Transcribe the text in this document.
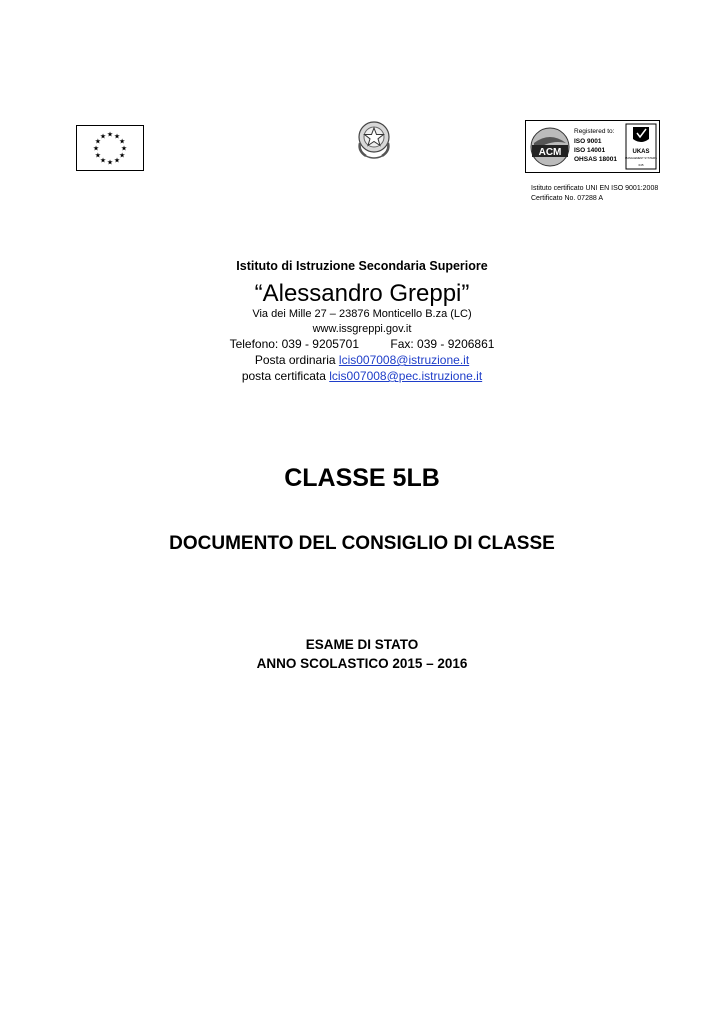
★ ★
★
★
★
★
★
★
★
★
★
★
ACM
Registered to:
ISO 9001
ISO 14001
OHSAS 18001
UKAS
MANAGEMENT SYSTEMS
045
Istituto certificato UNI EN ISO 9001:2008
Certificato No. 07288 A
Istituto di Istruzione Secondaria Superiore
“Alessandro Greppi”
Via dei Mille 27 – 23876 Monticello B.za (LC)
www.issgreppi.gov.it
Telefono: 039 - 9205701	Fax: 039 - 9206861
Posta ordinaria lcis007008@istruzione.it
posta certificata lcis007008@pec.istruzione.it
CLASSE 5LB
DOCUMENTO DEL CONSIGLIO DI CLASSE
ESAME DI STATO
ANNO SCOLASTICO 2015 – 2016
